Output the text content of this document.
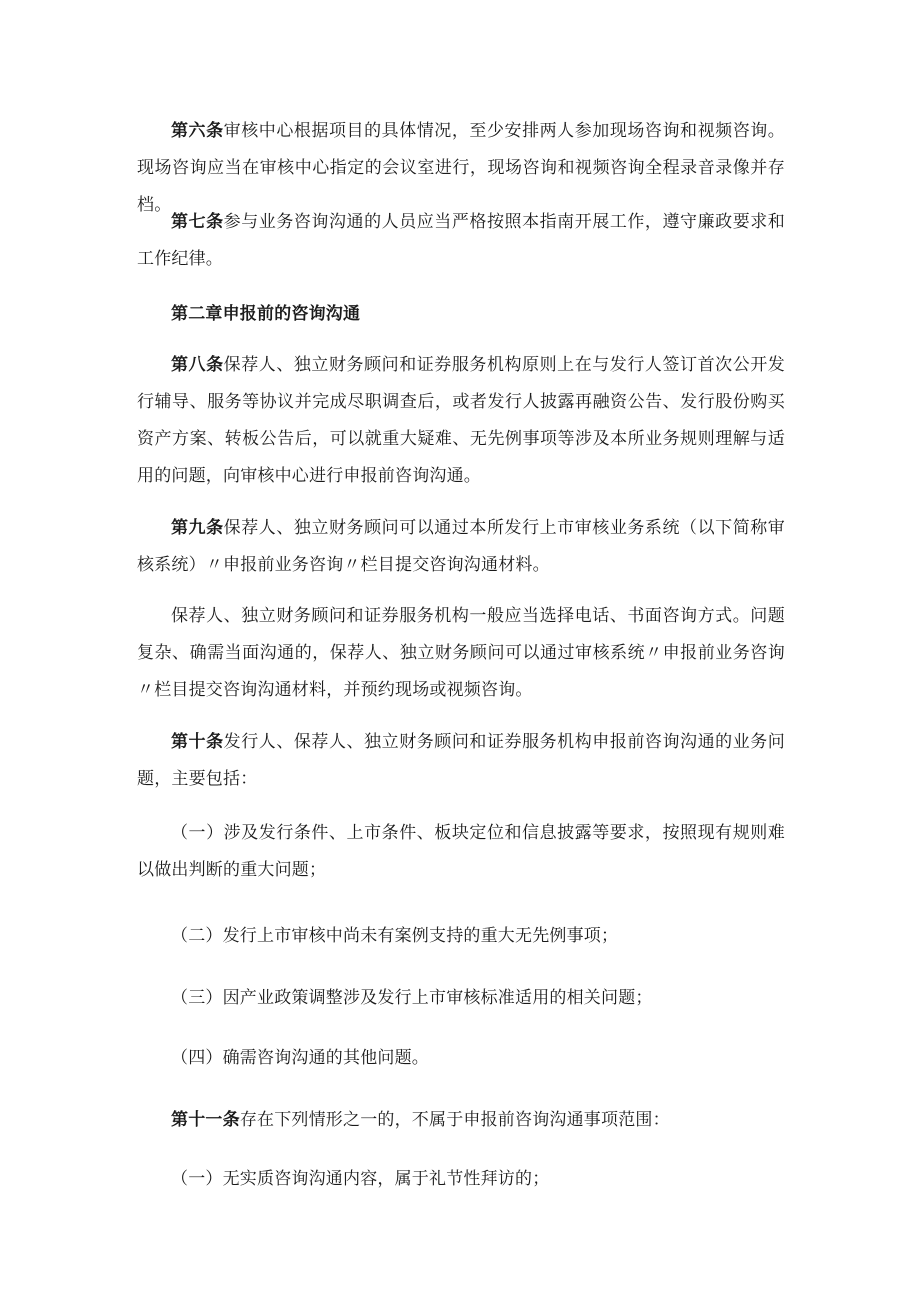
第六条审核中心根据项目的具体情况，至少安排两人参加现场咨询和视频咨询。现场咨询应当在审核中心指定的会议室进行，现场咨询和视频咨询全程录音录像并存档。

第七条参与业务咨询沟通的人员应当严格按照本指南开展工作，遵守廉政要求和工作纪律。

第二章申报前的咨询沟通

第八条保荐人、独立财务顾问和证券服务机构原则上在与发行人签订首次公开发行辅导、服务等协议并完成尽职调查后，或者发行人披露再融资公告、发行股份购买资产方案、转板公告后，可以就重大疑难、无先例事项等涉及本所业务规则理解与适用的问题，向审核中心进行申报前咨询沟通。

第九条保荐人、独立财务顾问可以通过本所发行上市审核业务系统（以下简称审核系统）〃申报前业务咨询〃栏目提交咨询沟通材料。

保荐人、独立财务顾问和证券服务机构一般应当选择电话、书面咨询方式。问题复杂、确需当面沟通的，保荐人、独立财务顾问可以通过审核系统〃申报前业务咨询〃栏目提交咨询沟通材料，并预约现场或视频咨询。

第十条发行人、保荐人、独立财务顾问和证券服务机构申报前咨询沟通的业务问题，主要包括：

（一）涉及发行条件、上市条件、板块定位和信息披露等要求，按照现有规则难以做出判断的重大问题；

（二）发行上市审核中尚未有案例支持的重大无先例事项；

（三）因产业政策调整涉及发行上市审核标准适用的相关问题；

（四）确需咨询沟通的其他问题。

第十一条存在下列情形之一的，不属于申报前咨询沟通事项范围：

（一）无实质咨询沟通内容，属于礼节性拜访的；
